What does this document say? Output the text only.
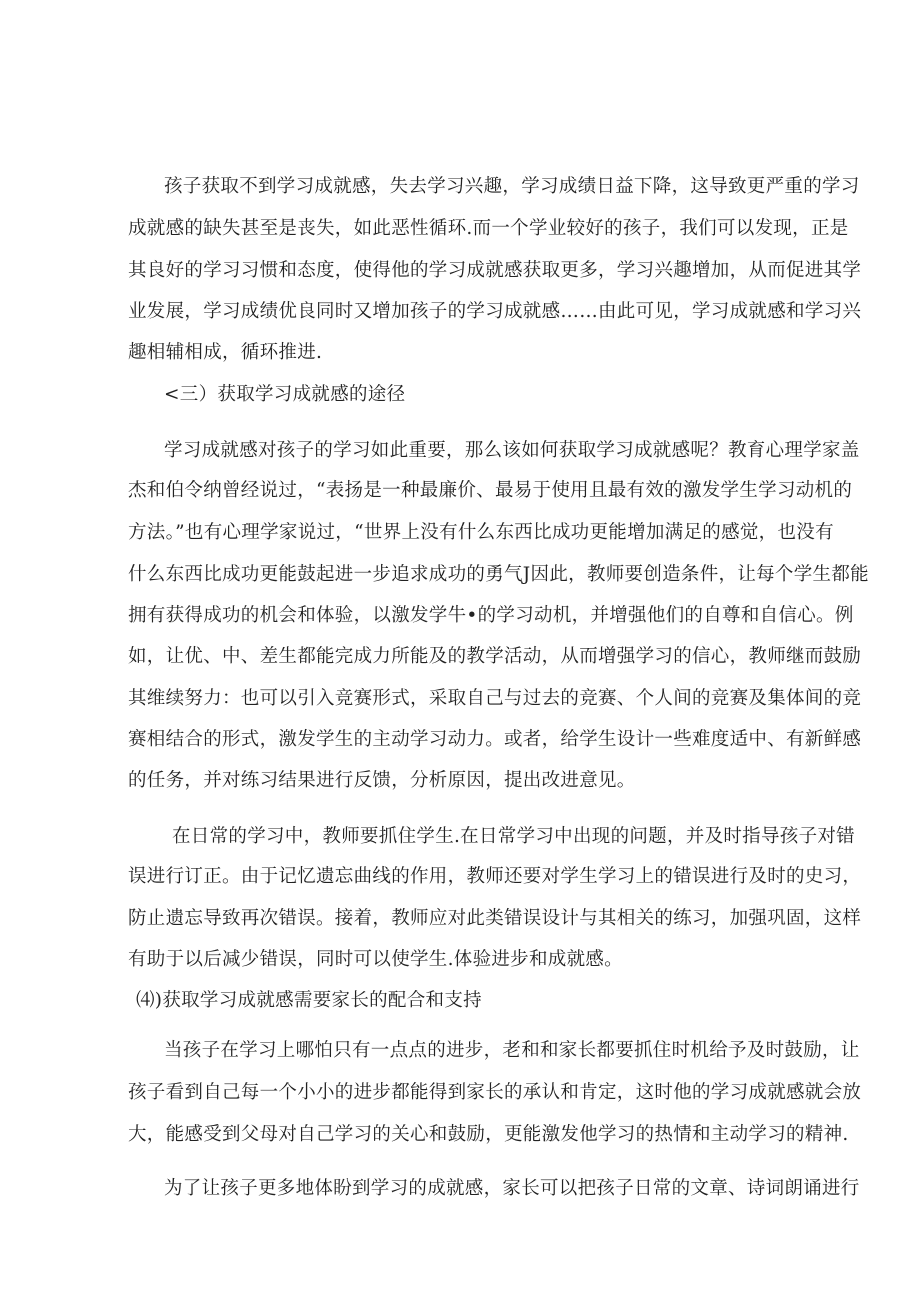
孩子获取不到学习成就感，失去学习兴趣，学习成绩日益下降，这导致更严重的学习
成就感的缺失甚至是丧失，如此恶性循环.而一个学业较好的孩子，我们可以发现，正是
其良好的学习习惯和态度，使得他的学习成就感获取更多，学习兴趣增加，从而促进其学
业发展，学习成绩优良同时又增加孩子的学习成就感……由此可见，学习成就感和学习兴
趣相辅相成，循环推进.
<三）获取学习成就感的途径
学习成就感对孩子的学习如此重要，那么该如何获取学习成就感呢？教育心理学家盖
杰和伯令纳曾经说过，“表扬是一种最廉价、最易于使用且最有效的激发学生学习动机的
方法。”也有心理学家说过，“世界上没有什么东西比成功更能增加满足的感觉，也没有
什么东西比成功更能鼓起进一步追求成功的勇气J因此，教师要创造条件，让每个学生都能
拥有获得成功的机会和体验，以激发学牛•的学习动机，并增强他们的自尊和自信心。例
如，让优、中、差生都能完成力所能及的教学活动，从而增强学习的信心，教师继而鼓励
其维续努力：也可以引入竞赛形式，采取自己与过去的竞赛、个人间的竞赛及集体间的竞
赛相结合的形式，激发学生的主动学习动力。或者，给学生设计一些难度适中、有新鲜感
的任务，并对练习结果进行反馈，分析原因，提出改进意见。
在日常的学习中，教师要抓住学生.在日常学习中出现的问题，并及时指导孩子对错
误进行订正。由于记忆遗忘曲线的作用，教师还要对学生学习上的错误进行及时的史习，
防止遗忘导致再次错误。接着，教师应对此类错误设计与其相关的练习，加强巩固，这样
有助于以后减少错误，同时可以使学生.体验进步和成就感。
⑷)获取学习成就感需要家长的配合和支持
当孩子在学习上哪怕只有一点点的进步，老和和家长都要抓住时机给予及时鼓励，让
孩子看到自己每一个小小的进步都能得到家长的承认和肯定，这时他的学习成就感就会放
大，能感受到父母对自己学习的关心和鼓励，更能激发他学习的热情和主动学习的精神.
为了让孩子更多地体盼到学习的成就感，家长可以把孩子日常的文章、诗词朗诵进行
